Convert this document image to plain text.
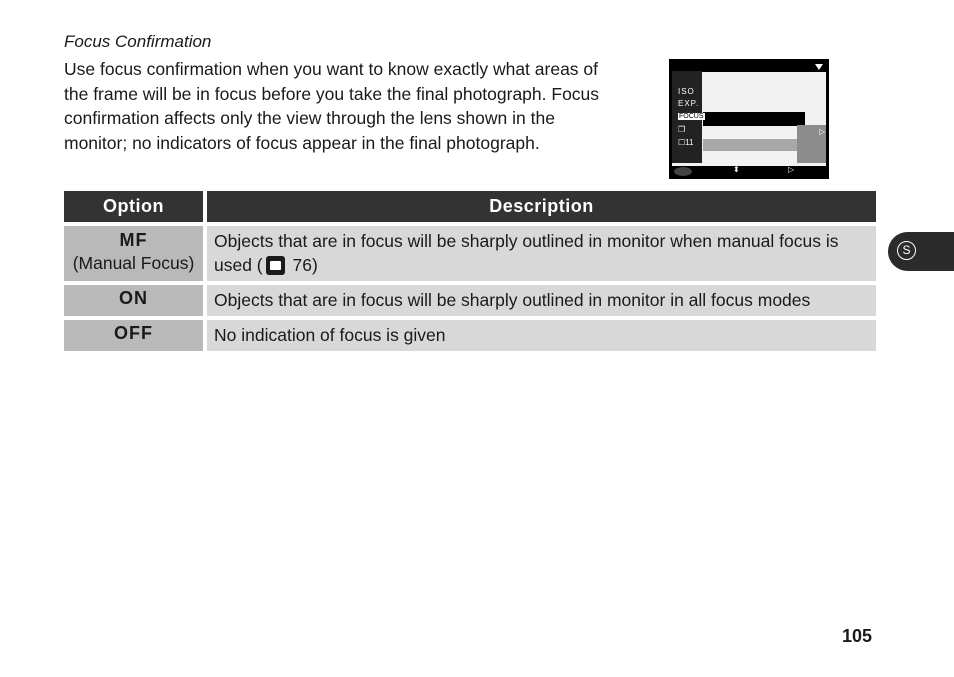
Focus Confirmation
Use focus confirmation when you want to know exactly what areas of the frame will be in focus before you take the final photograph. Focus confirmation affects only the view through the lens shown in the monitor; no indicators of focus appear in the final photograph.
▷
ISO
EXP.
FOCUS
❐
☐11
⬍	▷
Option		Description

MF
(Manual Focus)		Objects that are in focus will be sharply outlined in monitor when manual focus is used ( 76)

ON		Objects that are in focus will be sharply outlined in monitor in all focus modes

OFF		No indication of focus is given
S
105
